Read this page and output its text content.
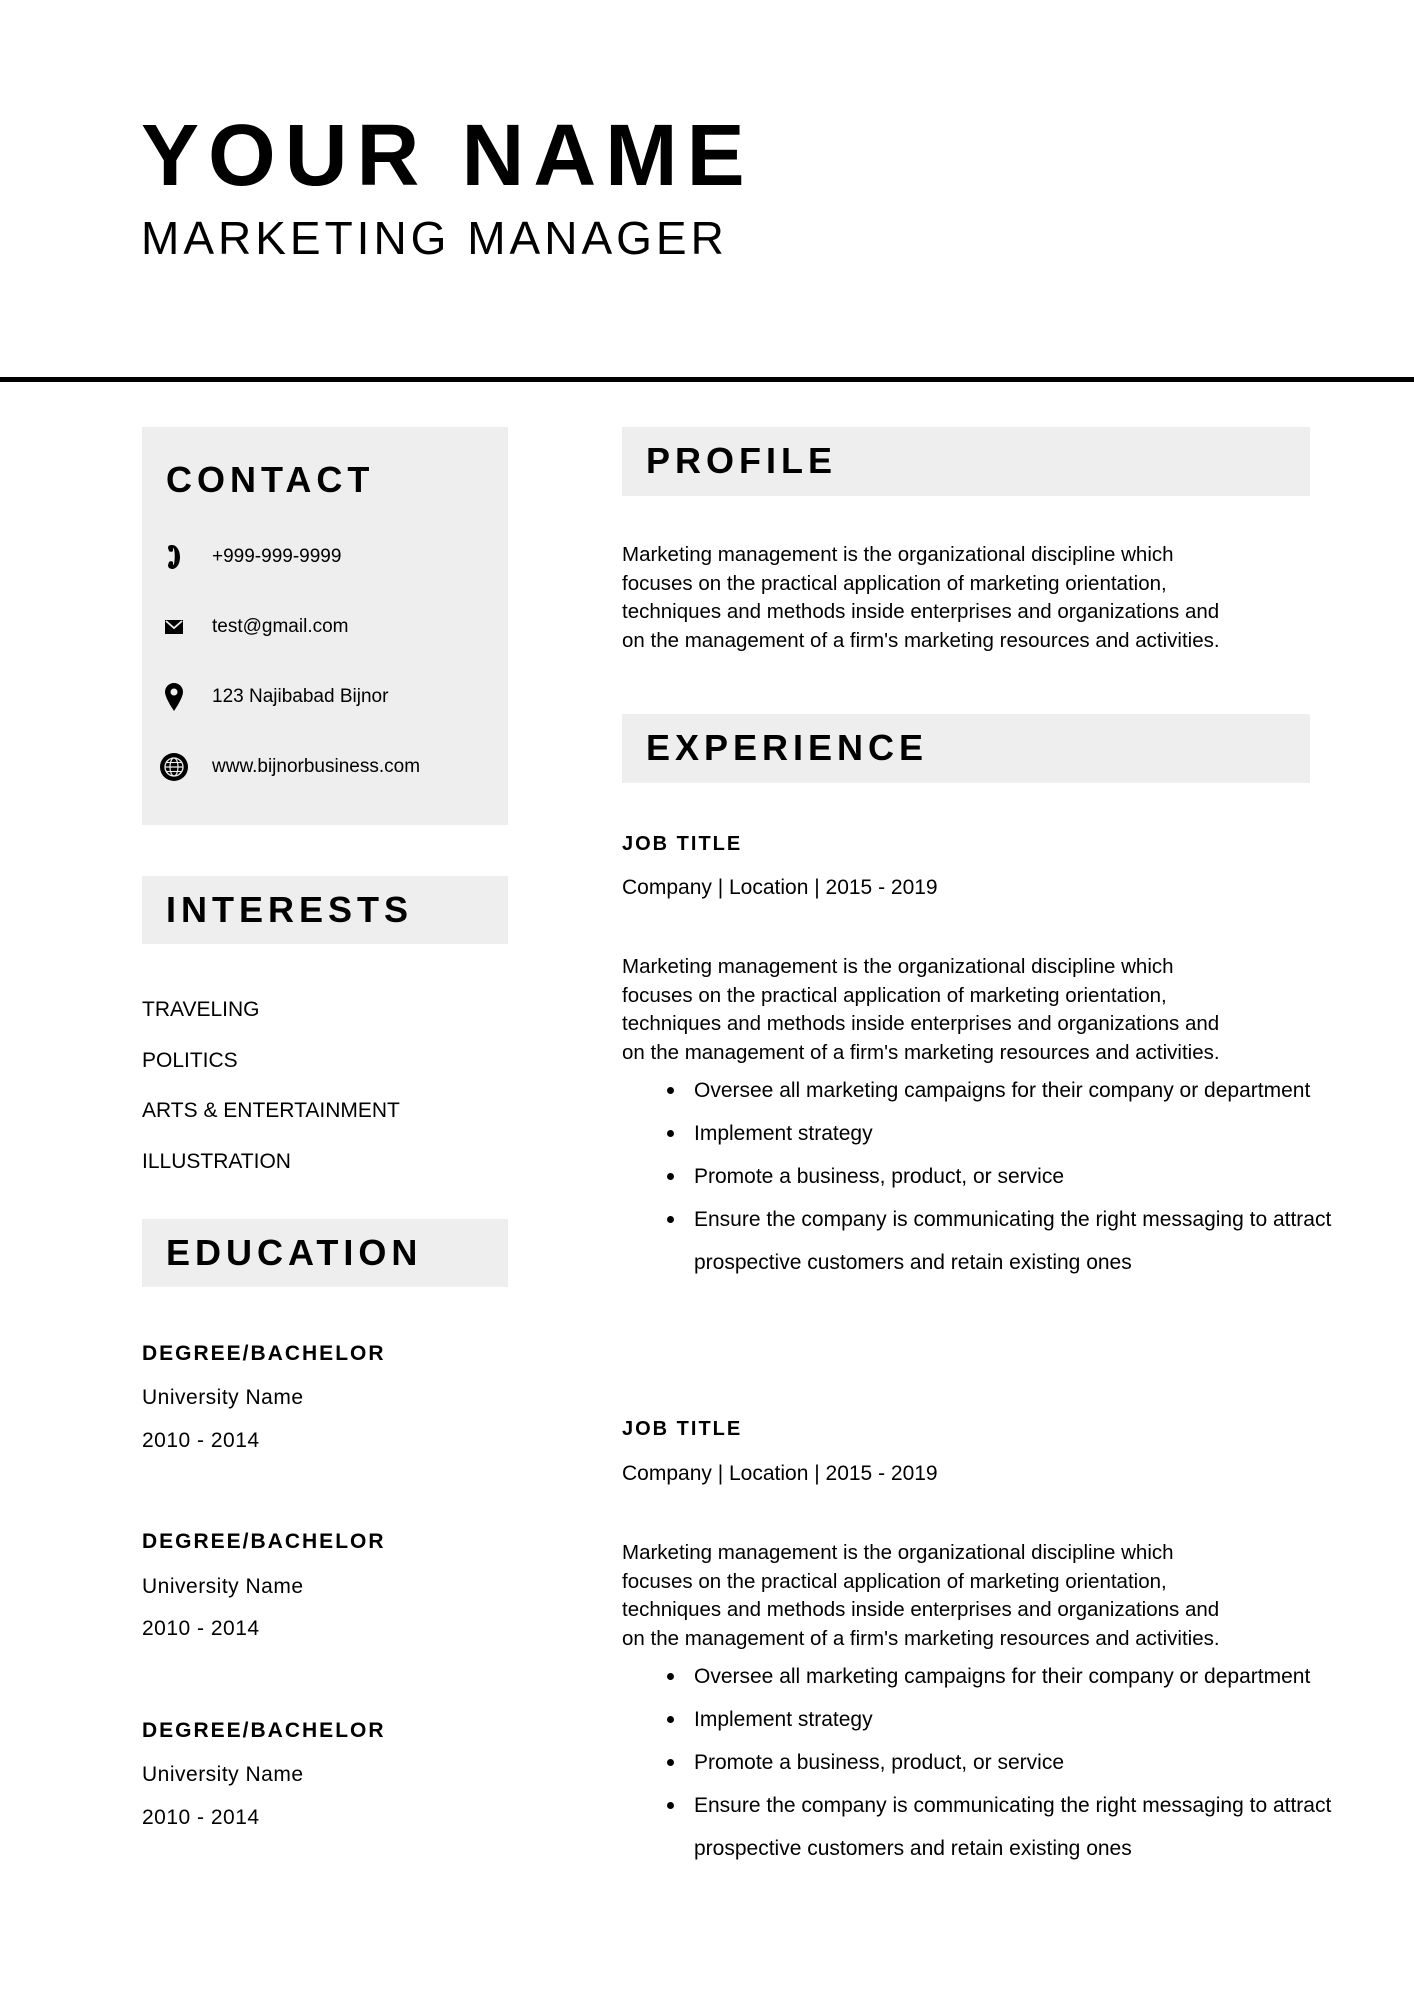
YOUR NAME
MARKETING MANAGER
CONTACT
+999-999-9999
test@gmail.com
123 Najibabad Bijnor
www.bijnorbusiness.com
INTERESTS
TRAVELING
POLITICS
ARTS & ENTERTAINMENT
ILLUSTRATION
EDUCATION
DEGREE/BACHELOR
University Name
2010 - 2014
DEGREE/BACHELOR
University Name
2010 - 2014
DEGREE/BACHELOR
University Name
2010 - 2014
PROFILE
Marketing management is the organizational discipline which
focuses on the practical application of marketing orientation,
techniques and methods inside enterprises and organizations and
on the management of a firm's marketing resources and activities.
EXPERIENCE
JOB TITLE
Company | Location | 2015 - 2019
Marketing management is the organizational discipline which
focuses on the practical application of marketing orientation,
techniques and methods inside enterprises and organizations and
on the management of a firm's marketing resources and activities.
Oversee all marketing campaigns for their company or department
Implement strategy
Promote a business, product, or service
Ensure the company is communicating the right messaging to attract prospective customers and retain existing ones
JOB TITLE
Company | Location | 2015 - 2019
Marketing management is the organizational discipline which
focuses on the practical application of marketing orientation,
techniques and methods inside enterprises and organizations and
on the management of a firm's marketing resources and activities.
Oversee all marketing campaigns for their company or department
Implement strategy
Promote a business, product, or service
Ensure the company is communicating the right messaging to attract prospective customers and retain existing ones
